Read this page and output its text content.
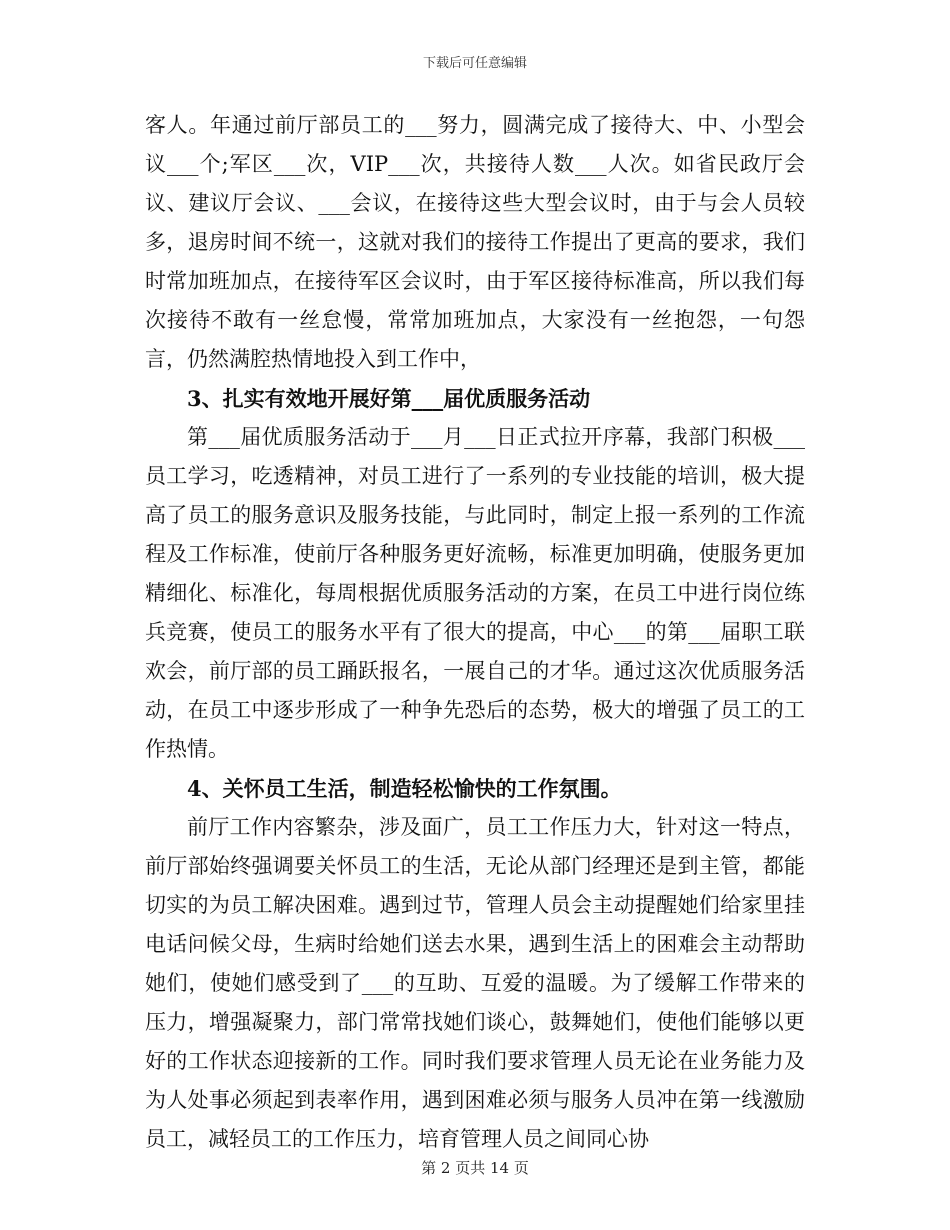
下载后可任意编辑

客人。年通过前厅部员工的___努力，圆满完成了接待大、中、小型会议___个;军区___次，VIP___次，共接待人数___人次。如省民政厅会议、建议厅会议、___会议，在接待这些大型会议时，由于与会人员较多，退房时间不统一，这就对我们的接待工作提出了更高的要求，我们时常加班加点，在接待军区会议时，由于军区接待标准高，所以我们每次接待不敢有一丝怠慢，常常加班加点，大家没有一丝抱怨，一句怨言，仍然满腔热情地投入到工作中，

3、扎实有效地开展好第___届优质服务活动

第___届优质服务活动于___月___日正式拉开序幕，我部门积极___员工学习，吃透精神，对员工进行了一系列的专业技能的培训，极大提高了员工的服务意识及服务技能，与此同时，制定上报一系列的工作流程及工作标准，使前厅各种服务更好流畅，标准更加明确，使服务更加精细化、标准化，每周根据优质服务活动的方案，在员工中进行岗位练兵竞赛，使员工的服务水平有了很大的提高，中心___的第___届职工联欢会，前厅部的员工踊跃报名，一展自己的才华。通过这次优质服务活动，在员工中逐步形成了一种争先恐后的态势，极大的增强了员工的工作热情。

4、关怀员工生活，制造轻松愉快的工作氛围。

前厅工作内容繁杂，涉及面广，员工工作压力大，针对这一特点，前厅部始终强调要关怀员工的生活，无论从部门经理还是到主管，都能切实的为员工解决困难。遇到过节，管理人员会主动提醒她们给家里挂电话问候父母，生病时给她们送去水果，遇到生活上的困难会主动帮助她们，使她们感受到了___的互助、互爱的温暖。为了缓解工作带来的压力，增强凝聚力，部门常常找她们谈心，鼓舞她们，使他们能够以更好的工作状态迎接新的工作。同时我们要求管理人员无论在业务能力及为人处事必须起到表率作用，遇到困难必须与服务人员冲在第一线激励员工，减轻员工的工作压力，培育管理人员之间同心协

第 2 页共 14 页
